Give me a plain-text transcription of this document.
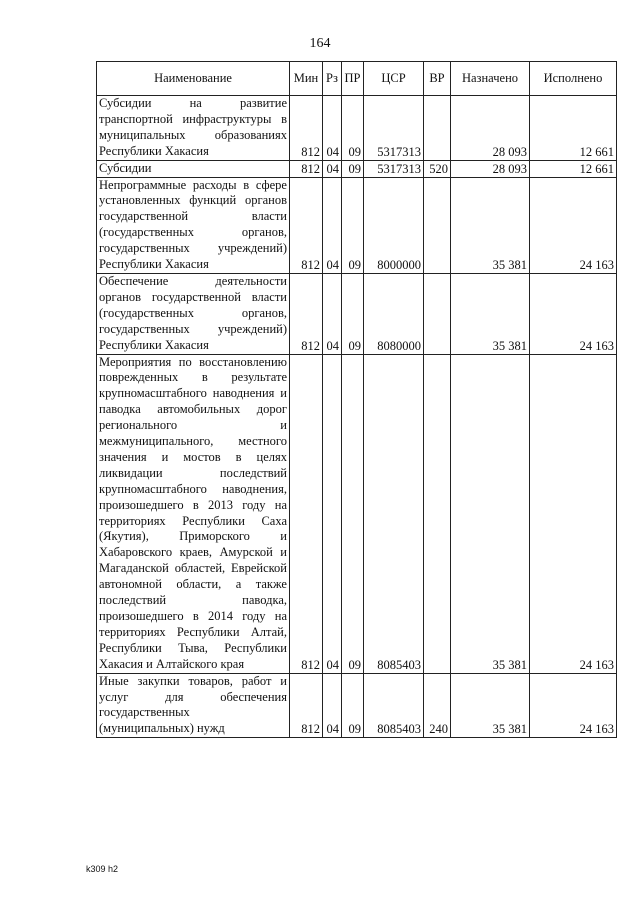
164
Наименование	Мин	Рз	ПР	ЦСР	ВР	Назначено	Исполнено
Субсидии на развитие транспортной инфраструктуры в муниципальных образованиях Республики Хакасия	812	04	09	5317313		28 093	12 661
Субсидии	812	04	09	5317313	520	28 093	12 661
Непрограммные расходы в сфере установленных функций органов государственной власти (государственных органов, государственных учреждений) Республики Хакасия	812	04	09	8000000		35 381	24 163
Обеспечение деятельности органов государственной власти (государственных органов, государственных учреждений) Республики Хакасия	812	04	09	8080000		35 381	24 163
Мероприятия по восстановлению поврежденных в результате крупномасштабного наводнения и паводка автомобильных дорог регионального и межмуниципального, местного значения и мостов в целях ликвидации последствий крупномасштабного наводнения, произошедшего в 2013 году на территориях Республики Саха (Якутия), Приморского и Хабаровского краев, Амурской и Магаданской областей, Еврейской автономной области, а также последствий паводка, произошедшего в 2014 году на территориях Республики Алтай, Республики Тыва, Республики Хакасия и Алтайского края	812	04	09	8085403		35 381	24 163
Иные закупки товаров, работ и услуг для обеспечения государственных (муниципальных) нужд	812	04	09	8085403	240	35 381	24 163
k309 h2
